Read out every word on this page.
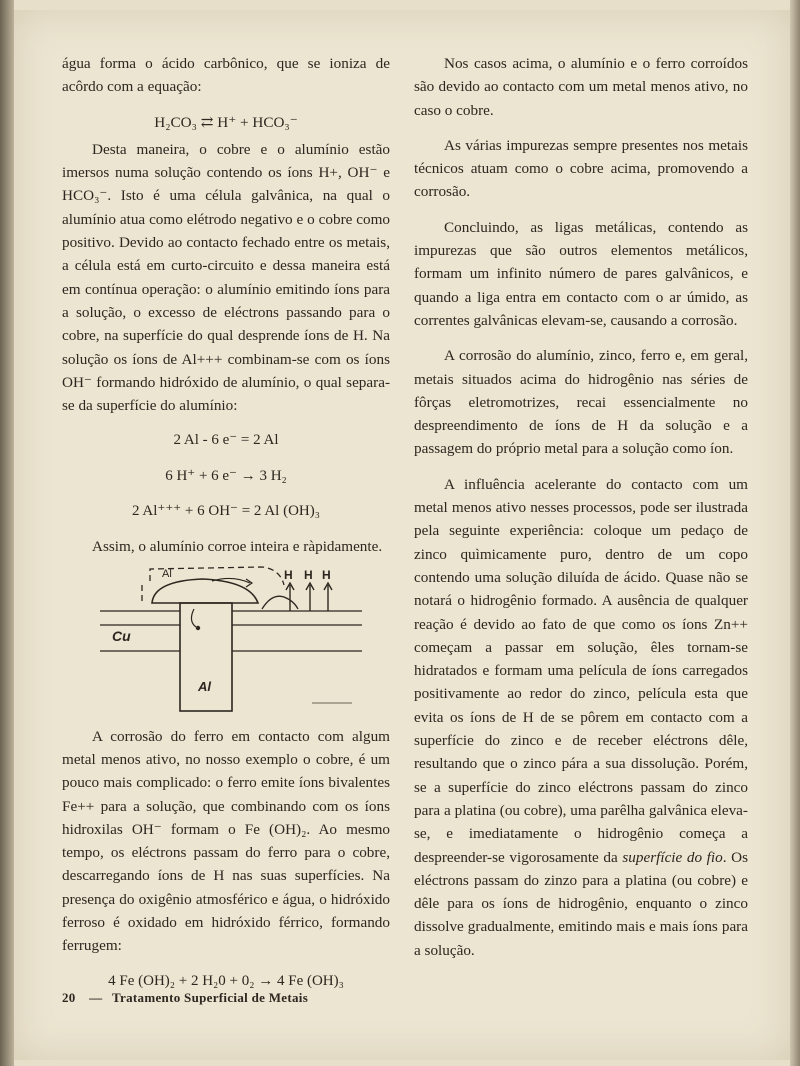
água forma o ácido carbônico, que se ioniza de acôrdo com a equação:

H₂CO₃ ⇄ H⁺ + HCO₃⁻

Desta maneira, o cobre e o alumínio estão imersos numa solução contendo os íons H+, OH⁻ e HCO₃⁻. Isto é uma célula galvânica, na qual o alumínio atua como elétrodo negativo e o cobre como positivo. Devido ao contacto fechado entre os metais, a célula está em curto-circuito e dessa maneira está em contínua operação: o alumínio emitindo íons para a solução, o excesso de eléctrons passando para o cobre, na superfície do qual desprende íons de H. Na solução os íons de Al+++ combinam-se com os íons OH⁻ formando hidróxido de alumínio, o qual separa-se da superfície do alumínio:

2 Al - 6 e⁻ = 2 Al

6 H⁺ + 6 e⁻ → 3 H₂

2 Al⁺⁺⁺ + 6 OH⁻ = 2 Al (OH)₃

Assim, o alumínio corroe inteira e ràpidamente.

Al	H H H
Cu
Al

A corrosão do ferro em contacto com algum metal menos ativo, no nosso exemplo o cobre, é um pouco mais complicado: o ferro emite íons bivalentes Fe++ para a solução, que combinando com os íons hidroxilas OH⁻ formam o Fe (OH)₂. Ao mesmo tempo, os eléctrons passam do ferro para o cobre, descarregando íons de H nas suas superfícies. Na presença do oxigênio atmosférico e água, o hidróxido ferroso é oxidado em hidróxido férrico, formando ferrugem:

4 Fe (OH)₂ + 2 H₂0 + 0₂ → 4 Fe (OH)₃

Nos casos acima, o alumínio e o ferro corroídos são devido ao contacto com um metal menos ativo, no caso o cobre.

As várias impurezas sempre presentes nos metais técnicos atuam como o cobre acima, promovendo a corrosão.

Concluindo, as ligas metálicas, contendo as impurezas que são outros elementos metálicos, formam um infinito número de pares galvânicos, e quando a liga entra em contacto com o ar úmido, as correntes galvânicas elevam-se, causando a corrosão.

A corrosão do alumínio, zinco, ferro e, em geral, metais situados acima do hidrogênio nas séries de fôrças eletromotrizes, recai essencialmente no despreendimento de íons de H da solução e a passagem do próprio metal para a solução como íon.

A influência acelerante do contacto com um metal menos ativo nesses processos, pode ser ilustrada pela seguinte experiência: coloque um pedaço de zinco quìmicamente puro, dentro de um copo contendo uma solução diluída de ácido. Quase não se notará o hidrogênio formado. A ausência de qualquer reação é devido ao fato de que como os íons Zn++ começam a passar em solução, êles tornam-se hidratados e formam uma película de íons carregados positivamente ao redor do zinco, película esta que evita os íons de H de se pôrem em contacto com a superfície do zinco e de receber eléctrons dêle, resultando que o zinco pára a sua dissolução. Porém, se a superfície do zinco eléctrons passam do zinco para a platina (ou cobre), uma parêlha galvânica eleva-se, e imediatamente o hidrogênio começa a despreender-se vigorosamente da superfície do fio. Os eléctrons passam do zinzo para a platina (ou cobre) e dêle para os íons de hidrogênio, enquanto o zinco dissolve gradualmente, emitindo mais e mais íons para a solução.

20 — Tratamento Superficial de Metais
